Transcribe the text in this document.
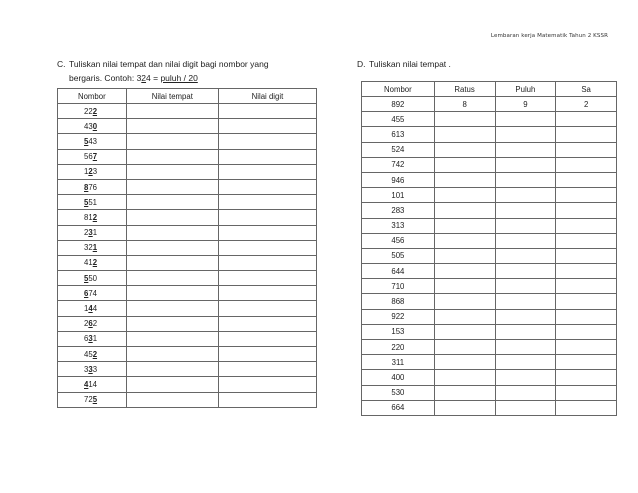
Lembaran kerja Matematik Tahun 2 KSSR
C. Tuliskan nilai tempat dan nilai digit bagi nombor yang
bergaris. Contoh: 324 = puluh / 20
Nombor	Nilai tempat	Nilai digit
222		
430		
543		
567		
123		
876		
551		
812		
231		
321		
412		
550		
674		
144		
262		
631		
452		
333		
414		
725		
D. Tuliskan nilai tempat .
Nombor	Ratus	Puluh	Sa
892	8	9	2
455			
613			
524			
742			
946			
101			
283			
313			
456			
505			
644			
710			
868			
922			
153			
220			
311			
400			
530			
664			
